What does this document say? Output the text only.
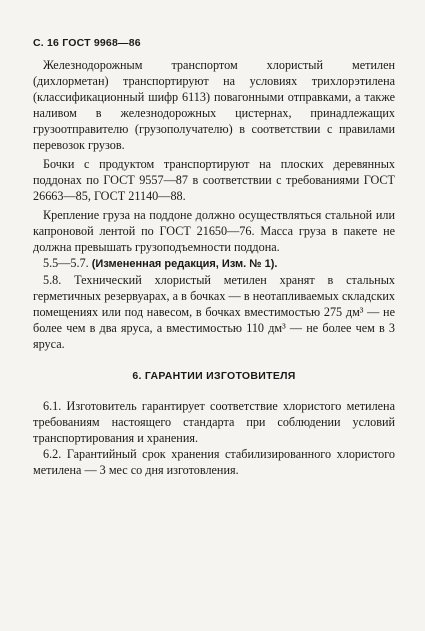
С. 16 ГОСТ 9968—86

Железнодорожным транспортом хлористый метилен (дихлорметан) транспортируют на условиях трихлорэтилена (классификационный шифр 6113) повагонными отправками, а также наливом в железнодорожных цистернах, принадлежащих грузоотправителю (грузополучателю) в соответствии с правилами перевозок грузов.

Бочки с продуктом транспортируют на плоских деревянных поддонах по ГОСТ 9557—87 в соответствии с требованиями ГОСТ 26663—85, ГОСТ 21140—88.

Крепление груза на поддоне должно осуществляться стальной или капроновой лентой по ГОСТ 21650—76. Масса груза в пакете не должна превышать грузоподъемности поддона.

5.5—5.7. (Измененная редакция, Изм. № 1).

5.8. Технический хлористый метилен хранят в стальных герметичных резервуарах, а в бочках — в неотапливаемых складских помещениях или под навесом, в бочках вместимостью 275 дм³ — не более чем в два яруса, а вместимостью 110 дм³ — не более чем в 3 яруса.

6. ГАРАНТИИ ИЗГОТОВИТЕЛЯ

6.1. Изготовитель гарантирует соответствие хлористого метилена требованиям настоящего стандарта при соблюдении условий транспортирования и хранения.

6.2. Гарантийный срок хранения стабилизированного хлористого метилена — 3 мес со дня изготовления.
